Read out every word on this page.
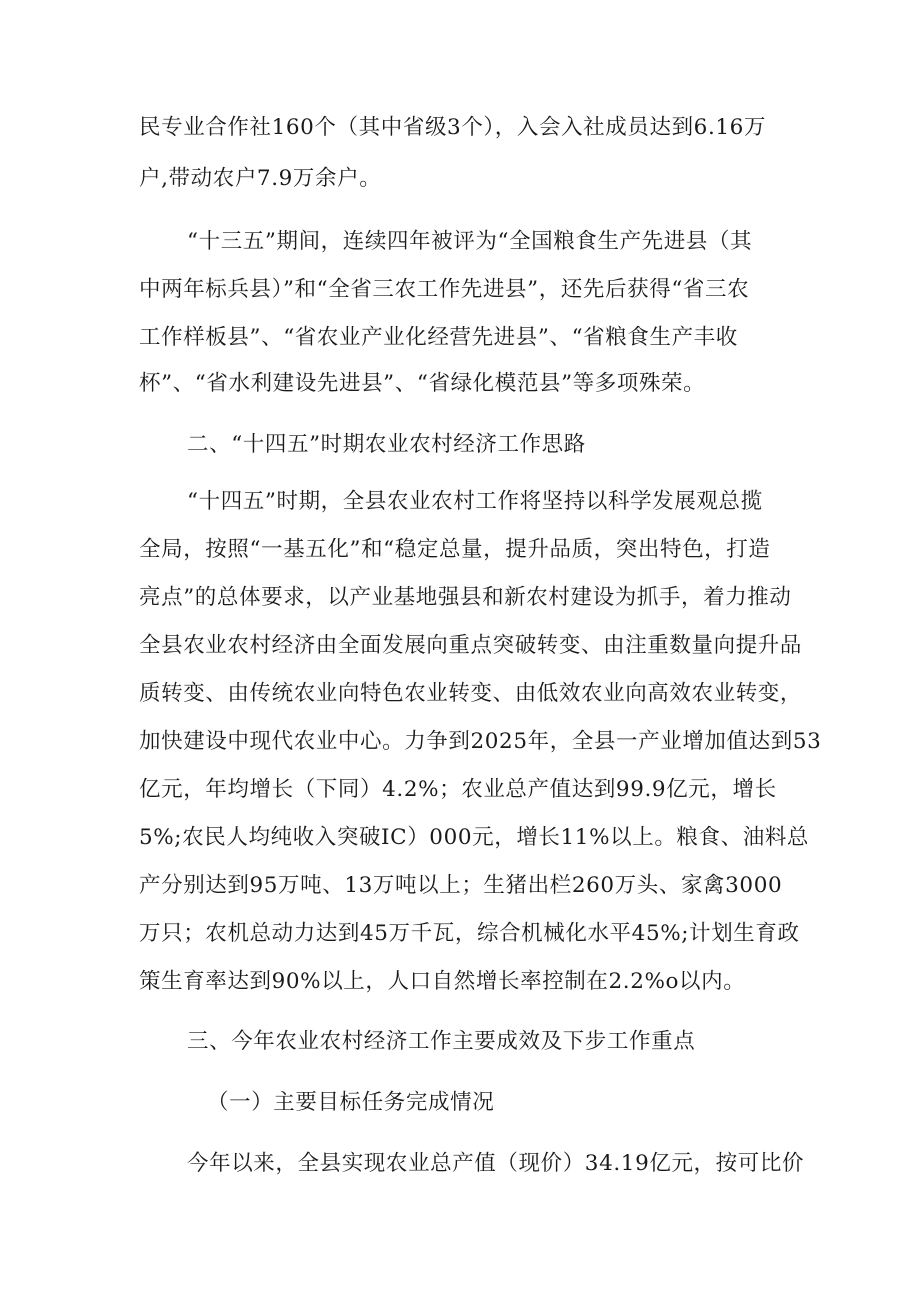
民专业合作社160个（其中省级3个），入会入社成员达到6.16万
户,带动农户7.9万余户。
“十三五”期间，连续四年被评为“全国粮食生产先进县（其
中两年标兵县）”和“全省三农工作先进县”，还先后获得“省三农
工作样板县”、“省农业产业化经营先进县”、“省粮食生产丰收
杯”、“省水利建设先进县”、“省绿化模范县”等多项殊荣。
二、“十四五”时期农业农村经济工作思路
“十四五”时期，全县农业农村工作将坚持以科学发展观总揽
全局，按照“一基五化”和“稳定总量，提升品质，突出特色，打造
亮点”的总体要求，以产业基地强县和新农村建设为抓手，着力推动
全县农业农村经济由全面发展向重点突破转变、由注重数量向提升品
质转变、由传统农业向特色农业转变、由低效农业向高效农业转变，
加快建设中现代农业中心。力争到2025年，全县一产业增加值达到53
亿元，年均增长（下同）4.2%；农业总产值达到99.9亿元，增长
5%;农民人均纯收入突破IC）000元，增长11%以上。粮食、油料总
产分别达到95万吨、13万吨以上；生猪出栏260万头、家禽3000
万只；农机总动力达到45万千瓦，综合机械化水平45%;计划生育政
策生育率达到90%以上，人口自然增长率控制在2.2%o以内。
三、今年农业农村经济工作主要成效及下步工作重点
（一）主要目标任务完成情况
今年以来，全县实现农业总产值（现价）34.19亿元，按可比价
